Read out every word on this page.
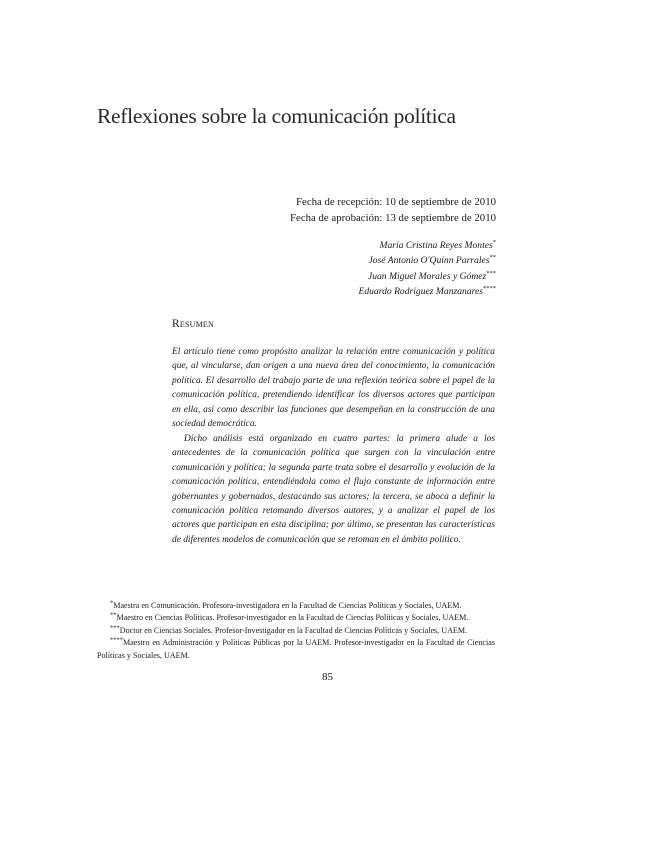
Reflexiones sobre la comunicación política
Fecha de recepción: 10 de septiembre de 2010
Fecha de aprobación: 13 de septiembre de 2010
María Cristina Reyes Montes*
José Antonio O'Quinn Parrales**
Juan Miguel Morales y Gómez***
Eduardo Rodríguez Manzanares****
Resumen

El artículo tiene como propósito analizar la relación entre comunicación y política que, al vincularse, dan origen a una nueva área del conocimiento, la comunicación política. El desarrollo del trabajo parte de una reflexión teórica sobre el papel de la comunicación política, pretendiendo identificar los diversos actores que participan en ella, así como describir las funciones que desempeñan en la construcción de una sociedad democrática.

Dicho análisis está organizado en cuatro partes: la primera alude a los antecedentes de la comunicación política que surgen con la vinculación entre comunicación y política; la segunda parte trata sobre el desarrollo y evolución de la comunicación política, entendiéndola como el flujo constante de información entre gobernantes y gobernados, destacando sus actores; la tercera, se aboca a definir la comunicación política retomando diversos autores, y a analizar el papel de los actores que participan en esta disciplina; por último, se presentan las características de diferentes modelos de comunicación que se retoman en el ámbito político.

*Maestra en Comunicación. Profesora-investigadora en la Facultad de Ciencias Políticas y Sociales, UAEM.

**Maestro en Ciencias Políticas. Profesor-investigador en la Facultad de Ciencias Políticas y Sociales, UAEM.

***Doctor en Ciencias Sociales. Profesor-Investigador en la Facultad de Ciencias Políticas y Sociales, UAEM.

****Maestro en Administración y Políticas Públicas por la UAEM. Profesor-investigador en la Facultad de Ciencias Políticas y Sociales, UAEM.

85
